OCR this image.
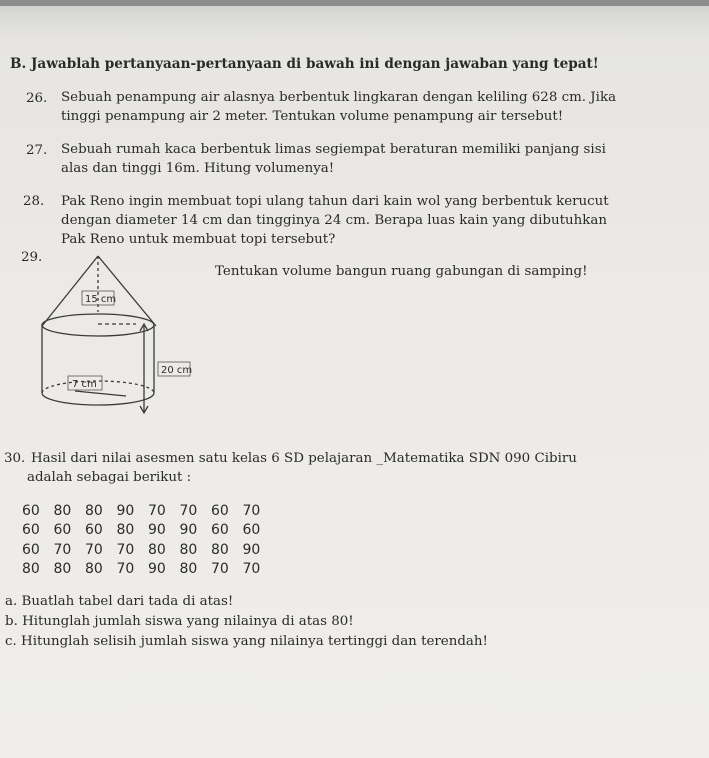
B. Jawablah pertanyaan-pertanyaan di bawah ini dengan jawaban yang tepat!
26. Sebuah penampung air alasnya berbentuk lingkaran dengan keliling 628 cm. Jika
tinggi penampung air 2 meter. Tentukan volume penampung air tersebut!
27. Sebuah rumah kaca berbentuk limas segiempat beraturan memiliki panjang sisi
alas dan tinggi 16m. Hitung volumenya!
28. Pak Reno ingin membuat topi ulang tahun dari kain wol yang berbentuk kerucut
dengan diameter 14 cm dan tingginya 24 cm. Berapa luas kain yang dibutuhkan
Pak Reno untuk membuat topi tersebut?
29.
Tentukan volume bangun ruang gabungan di samping!
15 cm
20 cm
7 cm
30. Hasil dari nilai asesmen satu kelas 6 SD pelajaran _Matematika SDN 090 Cibiru
adalah sebagai berikut :
60 80 80 90 70 70 60 70
60 60 60 80 90 90 60 60
60 70 70 70 80 80 80 90
80 80 80 70 90 80 70 70
a. Buatlah tabel dari tada di atas!
b. Hitunglah jumlah siswa yang nilainya di atas 80!
c. Hitunglah selisih jumlah siswa yang nilainya tertinggi dan terendah!
